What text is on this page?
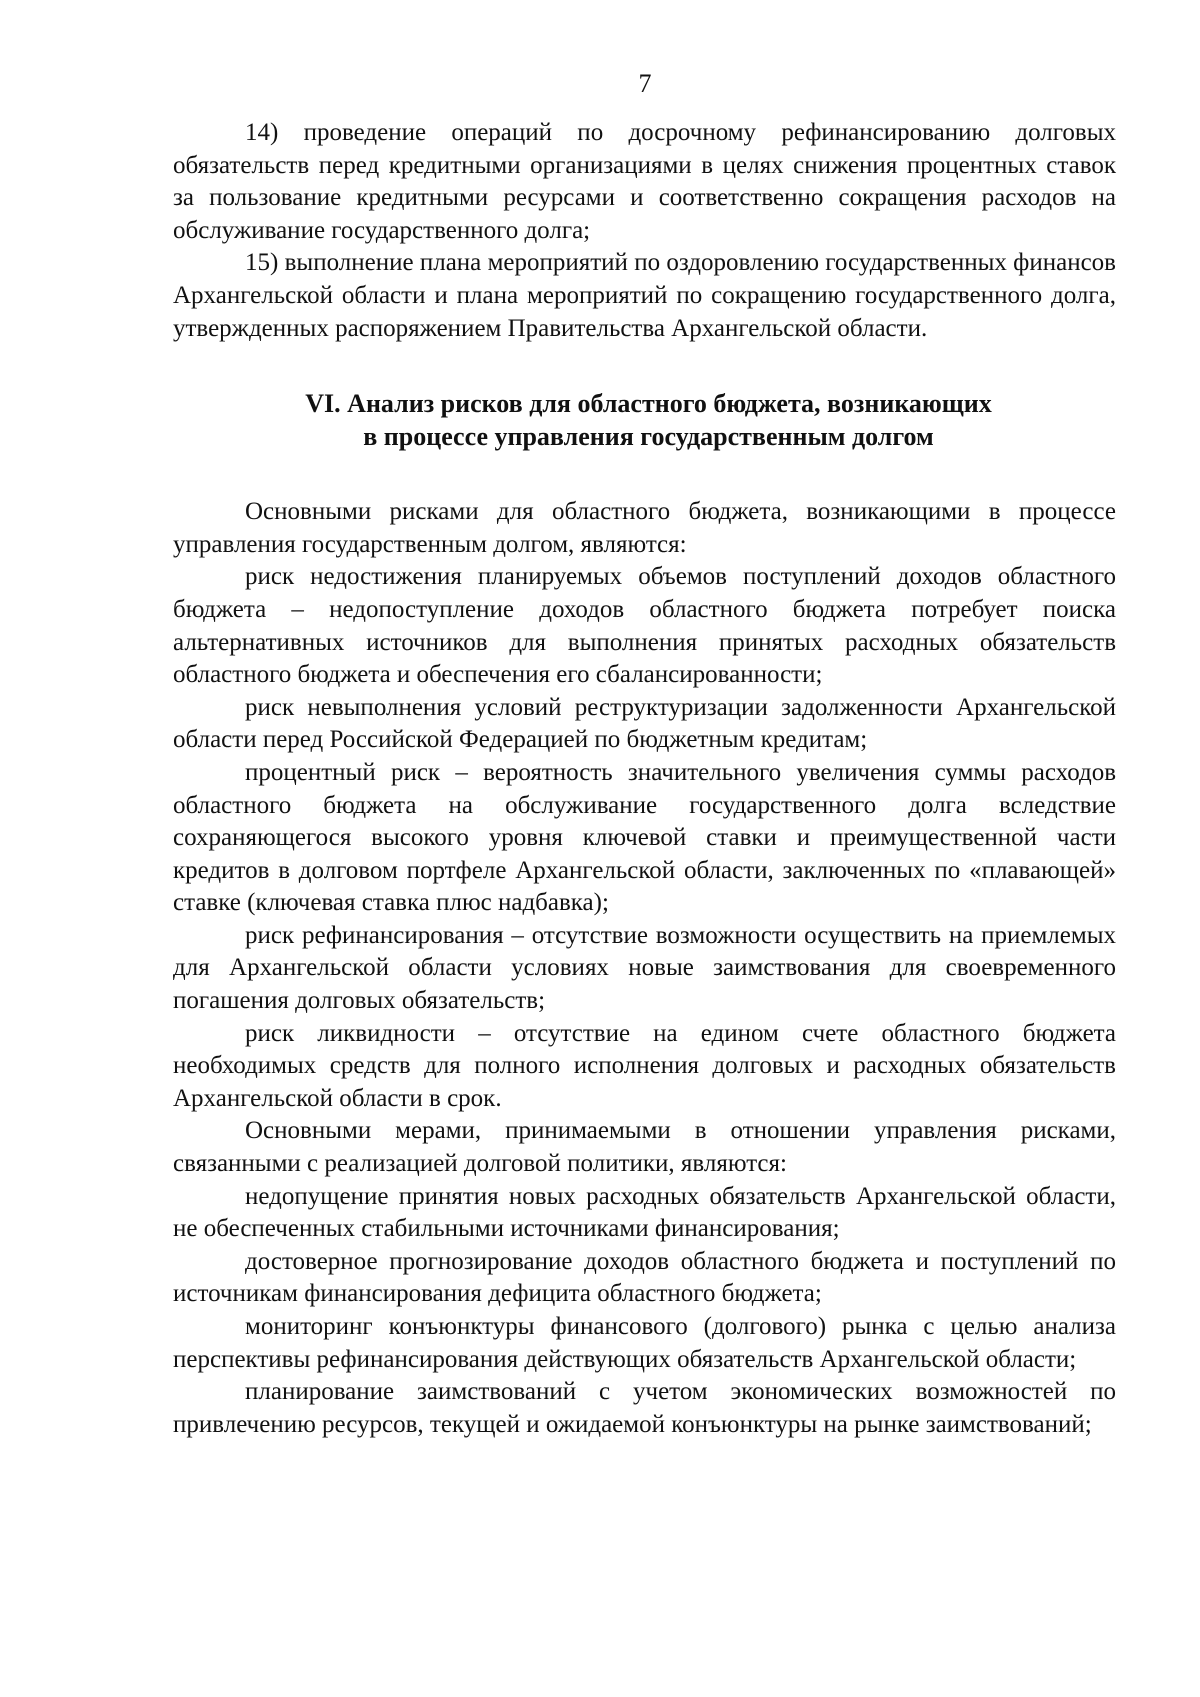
7

14) проведение операций по досрочному рефинансированию долговых обязательств перед кредитными организациями в целях снижения процентных ставок за пользование кредитными ресурсами и соответственно сокращения расходов на обслуживание государственного долга;

15) выполнение плана мероприятий по оздоровлению государственных финансов Архангельской области и плана мероприятий по сокращению государственного долга, утвержденных распоряжением Правительства Архангельской области.

VI. Анализ рисков для областного бюджета, возникающих
в процессе управления государственным долгом

Основными рисками для областного бюджета, возникающими в процессе управления государственным долгом, являются:

риск недостижения планируемых объемов поступлений доходов областного бюджета – недопоступление доходов областного бюджета потребует поиска альтернативных источников для выполнения принятых расходных обязательств областного бюджета и обеспечения его сбалансированности;

риск невыполнения условий реструктуризации задолженности Архангельской области перед Российской Федерацией по бюджетным кредитам;

процентный риск – вероятность значительного увеличения суммы расходов областного бюджета на обслуживание государственного долга вследствие сохраняющегося высокого уровня ключевой ставки и преимущественной части кредитов в долговом портфеле Архангельской области, заключенных по «плавающей» ставке (ключевая ставка плюс надбавка);

риск рефинансирования – отсутствие возможности осуществить на приемлемых для Архангельской области условиях новые заимствования для своевременного погашения долговых обязательств;

риск ликвидности – отсутствие на едином счете областного бюджета необходимых средств для полного исполнения долговых и расходных обязательств Архангельской области в срок.

Основными мерами, принимаемыми в отношении управления рисками, связанными с реализацией долговой политики, являются:

недопущение принятия новых расходных обязательств Архангельской области, не обеспеченных стабильными источниками финансирования;

достоверное прогнозирование доходов областного бюджета и поступлений по источникам финансирования дефицита областного бюджета;

мониторинг конъюнктуры финансового (долгового) рынка с целью анализа перспективы рефинансирования действующих обязательств Архангельской области;

планирование заимствований с учетом экономических возможностей по привлечению ресурсов, текущей и ожидаемой конъюнктуры на рынке заимствований;
